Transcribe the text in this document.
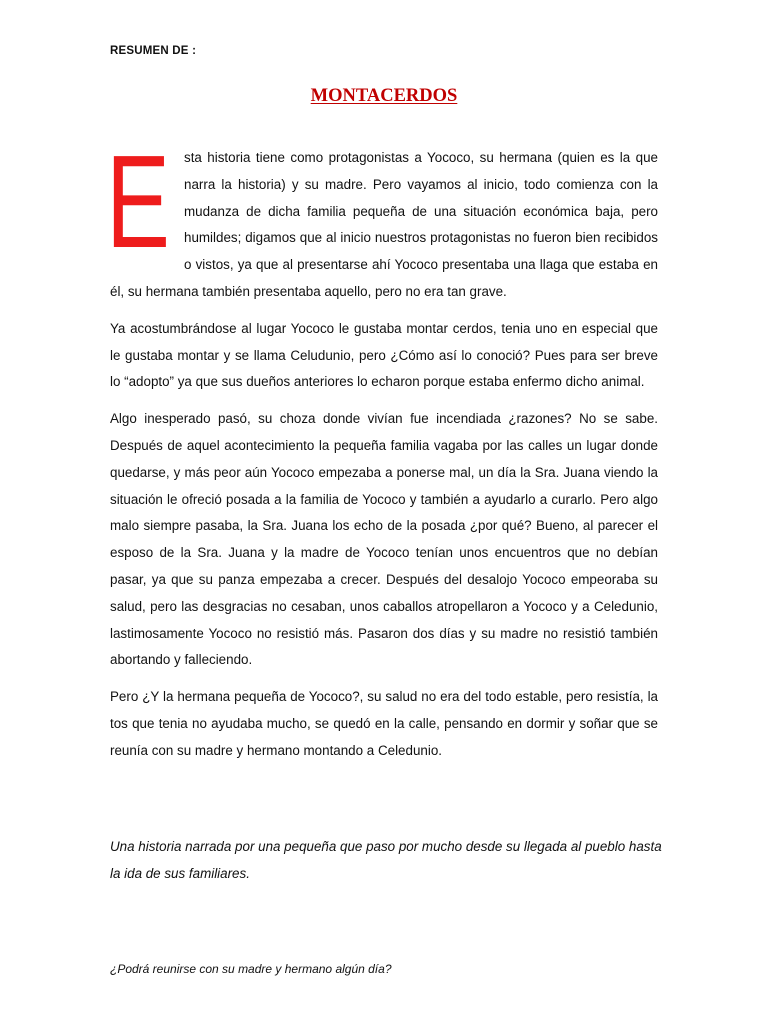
RESUMEN DE :
MONTACERDOS
E	sta historia tiene como protagonistas a Yococo, su hermana (quien es la que narra la historia) y su madre. Pero vayamos al inicio, todo comienza con la mudanza de dicha familia pequeña de una situación económica baja, pero humildes; digamos que al inicio nuestros protagonistas no fueron bien recibidos o vistos, ya que al presentarse ahí Yococo presentaba una llaga que estaba en él, su hermana también presentaba aquello, pero no era tan grave.

Ya acostumbrándose al lugar Yococo le gustaba montar cerdos, tenia uno en especial que le gustaba montar y se llama Celudunio, pero ¿Cómo así lo conoció? Pues para ser breve lo “adopto” ya que sus dueños anteriores lo echaron porque estaba enfermo dicho animal.

Algo inesperado pasó, su choza donde vivían fue incendiada ¿razones? No se sabe. Después de aquel acontecimiento la pequeña familia vagaba por las calles un lugar donde quedarse, y más peor aún Yococo empezaba a ponerse mal, un día la Sra. Juana viendo la situación le ofreció posada a la familia de Yococo y también a ayudarlo a curarlo. Pero algo malo siempre pasaba, la Sra. Juana los echo de la posada ¿por qué? Bueno, al parecer el esposo de la Sra. Juana y la madre de Yococo tenían unos encuentros que no debían pasar, ya que su panza empezaba a crecer. Después del desalojo Yococo empeoraba su salud, pero las desgracias no cesaban, unos caballos atropellaron a Yococo y a Celedunio, lastimosamente Yococo no resistió más. Pasaron dos días y su madre no resistió también abortando y falleciendo.

Pero ¿Y la hermana pequeña de Yococo?, su salud no era del todo estable, pero resistía, la tos que tenia no ayudaba mucho, se quedó en la calle, pensando en dormir y soñar que se reunía con su madre y hermano montando a Celedunio.

Una historia narrada por una pequeña que paso por mucho desde su llegada al pueblo hasta la ida de sus familiares.

¿Podrá reunirse con su madre y hermano algún día?
